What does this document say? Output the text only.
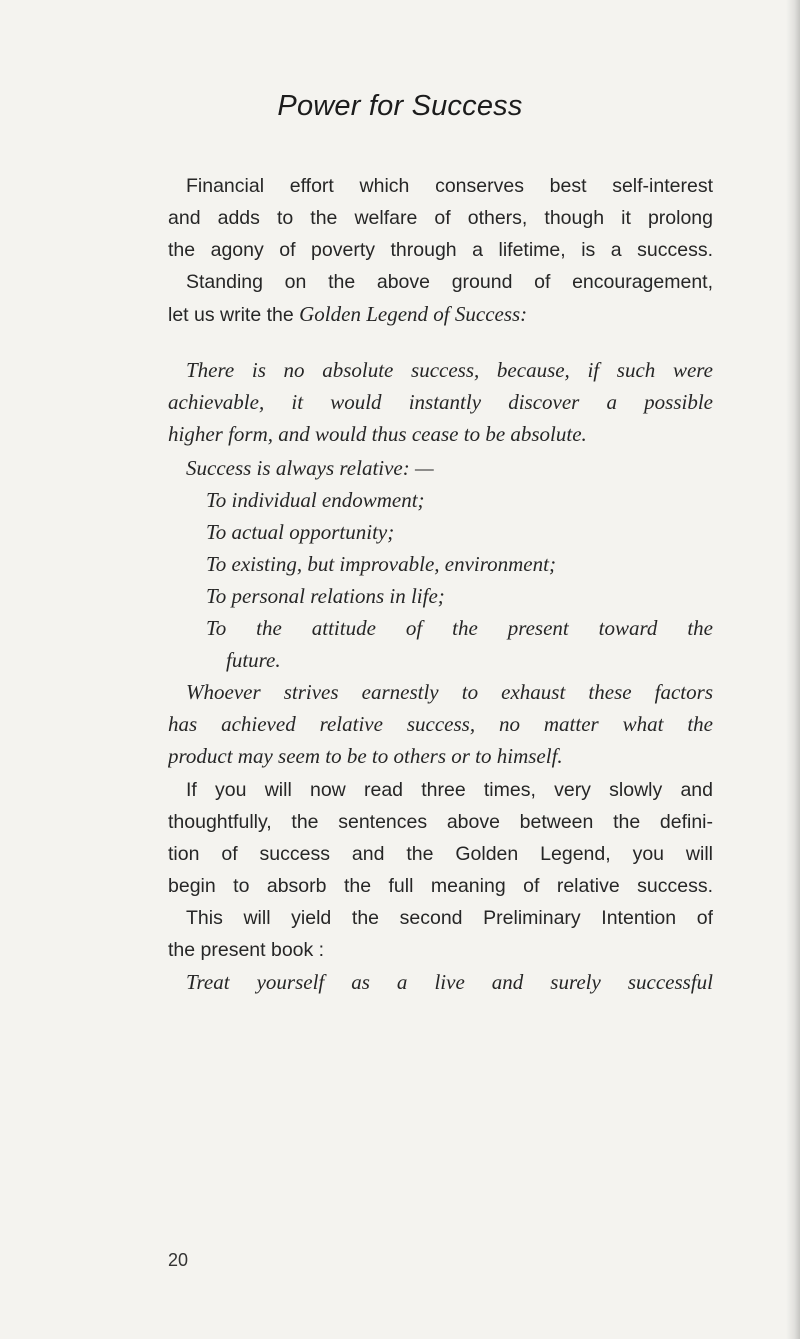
Power for Success
Financial effort which conserves best self-interest
and adds to the welfare of others, though it prolong
the agony of poverty through a lifetime, is a success.
Standing on the above ground of encouragement,
let us write the Golden Legend of Success:
There is no absolute success, because, if such were
achievable, it would instantly discover a possible
higher form, and would thus cease to be absolute.
Success is always relative: —
To individual endowment;
To actual opportunity;
To existing, but improvable, environment;
To personal relations in life;
To the attitude of the present toward the
future.
Whoever strives earnestly to exhaust these factors
has achieved relative success, no matter what the
product may seem to be to others or to himself.
If you will now read three times, very slowly and
thoughtfully, the sentences above between the defini-
tion of success and the Golden Legend, you will
begin to absorb the full meaning of relative success.
This will yield the second Preliminary Intention of
the present book :
Treat yourself as a live and surely successful
20
